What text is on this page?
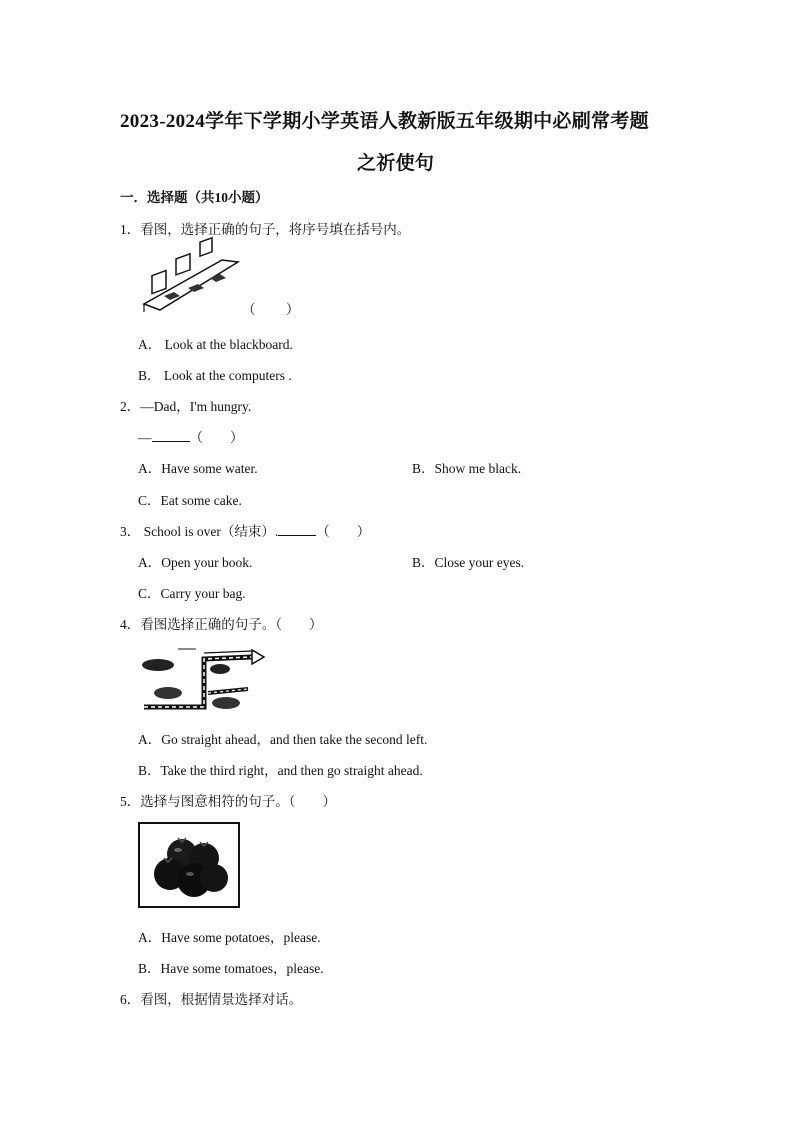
2023-2024学年下学期小学英语人教新版五年级期中必刷常考题
之祈使句
一．选择题（共10小题）
1．看图，选择正确的句子，将序号填在括号内。
（ 　　）
A． Look at the blackboard.
B． Look at the computers .
2．—Dad，I'm hungry.
—	（　　）
A．Have some water.	B．Show me black.
C．Eat some cake.
3． School is over（结束）.	（　　）
A．Open your book.	B．Close your eyes.
C．Carry your bag.
4．看图选择正确的句子。（　　）
A．Go straight ahead，and then take the second left.
B．Take the third right，and then go straight ahead.
5．选择与图意相符的句子。（　　）
A．Have some potatoes，please.
B．Have some tomatoes，please.
6．看图，根据情景选择对话。
